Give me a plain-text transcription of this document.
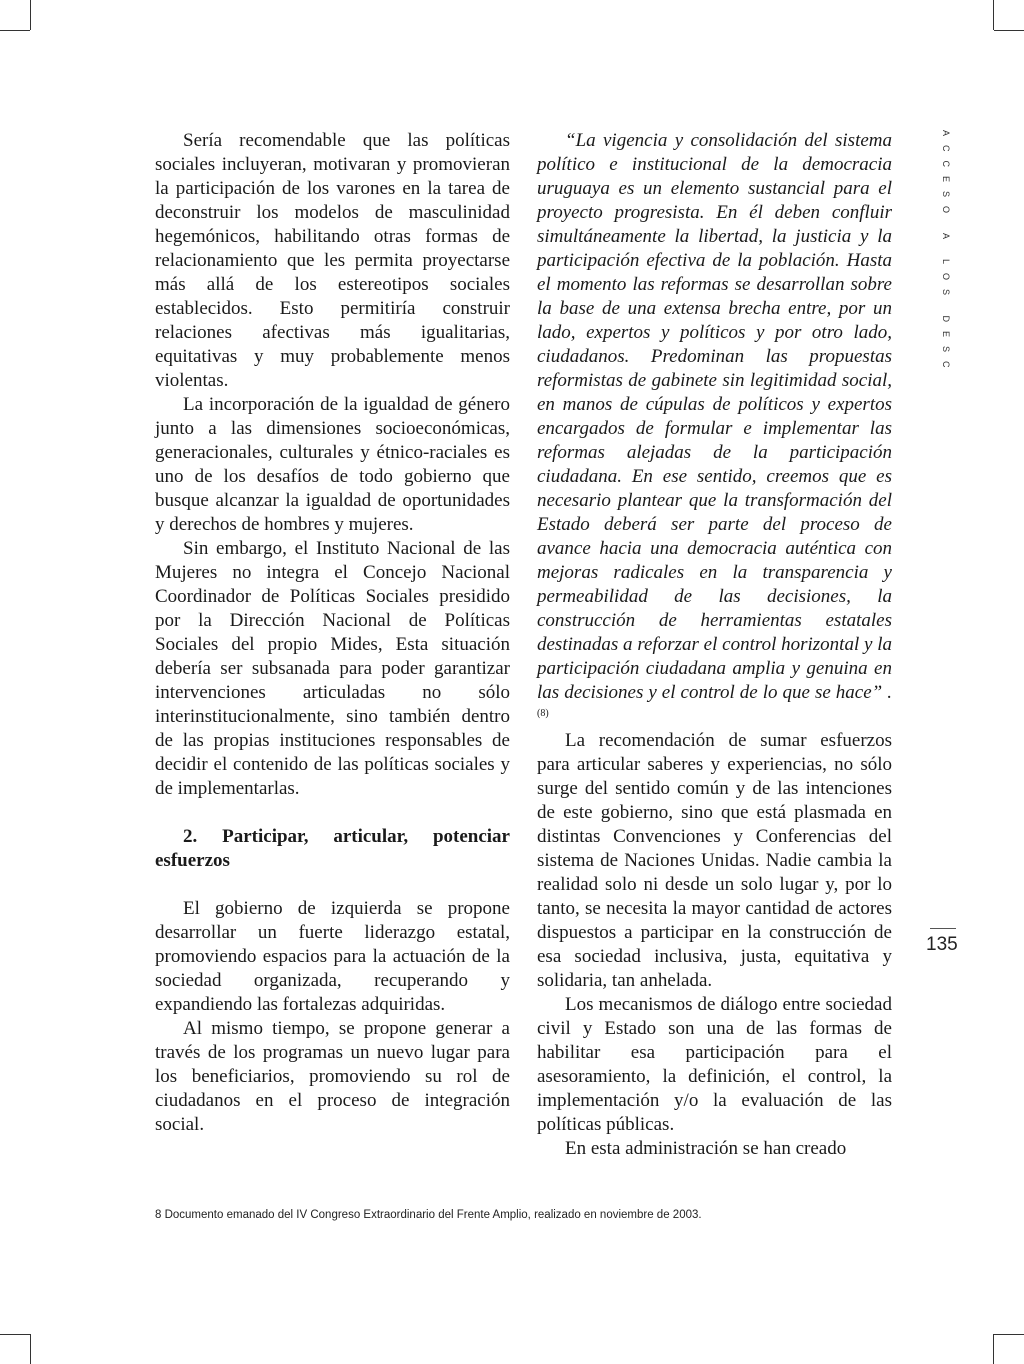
Sería recomendable que las políticas sociales incluyeran, motivaran y promovieran la participación de los varones en la tarea de deconstruir los modelos de masculinidad hegemónicos, habilitando otras formas de relacionamiento que les permita proyectarse más allá de los estereotipos sociales establecidos. Esto permitiría construir relaciones afectivas más igualitarias, equitativas y muy probablemente menos violentas.

La incorporación de la igualdad de género junto a las dimensiones socioeconómicas, generacionales, culturales y étnico-raciales es uno de los desafíos de todo gobierno que busque alcanzar la igualdad de oportunidades y derechos de hombres y mujeres.

Sin embargo, el Instituto Nacional de las Mujeres no integra el Concejo Nacional Coordinador de Políticas Sociales presidido por la Dirección Nacional de Políticas Sociales del propio Mides, Esta situación debería ser subsanada para poder garantizar intervenciones articuladas no sólo interinstitucionalmente, sino también dentro de las propias instituciones responsables de decidir el contenido de las políticas sociales y de implementarlas.

2. Participar, articular, potenciar esfuerzos

El gobierno de izquierda se propone desarrollar un fuerte liderazgo estatal, promoviendo espacios para la actuación de la sociedad organizada, recuperando y expandiendo las fortalezas adquiridas.

Al mismo tiempo, se propone generar a través de los programas un nuevo lugar para los beneficiarios, promoviendo su rol de ciudadanos en el proceso de integración social.

“La vigencia y consolidación del sistema político e institucional de la democracia uruguaya es un elemento sustancial para el proyecto progresista. En él deben confluir simultáneamente la libertad, la justicia y la participación efectiva de la población. Hasta el momento las reformas se desarrollan sobre la base de una extensa brecha entre, por un lado, expertos y políticos y por otro lado, ciudadanos. Predominan las propuestas reformistas de gabinete sin legitimidad social, en manos de cúpulas de políticos y expertos encargados de formular e implementar las reformas alejadas de la participación ciudadana. En ese sentido, creemos que es necesario plantear que la transformación del Estado deberá ser parte del proceso de avance hacia una democracia auténtica con mejoras radicales en la transparencia y permeabilidad de las decisiones, la construcción de herramientas estatales destinadas a reforzar el control horizontal y la participación ciudadana amplia y genuina en las decisiones y el control de lo que se hace” .$^{(8)}$

La recomendación de sumar esfuerzos para articular saberes y experiencias, no sólo surge del sentido común y de las intenciones de este gobierno, sino que está plasmada en distintas Convenciones y Conferencias del sistema de Naciones Unidas. Nadie cambia la realidad solo ni desde un solo lugar y, por lo tanto, se necesita la mayor cantidad de actores dispuestos a participar en la construcción de esa sociedad inclusiva, justa, equitativa y solidaria, tan anhelada.

Los mecanismos de diálogo entre sociedad civil y Estado son una de las formas de habilitar esa participación para el asesoramiento, la definición, el control, la implementación y/o la evaluación de las políticas públicas.

En esta administración se han creado

ACCESO A LOS DESC
135
8 Documento emanado del IV Congreso Extraordinario del Frente Amplio, realizado en noviembre de 2003.
